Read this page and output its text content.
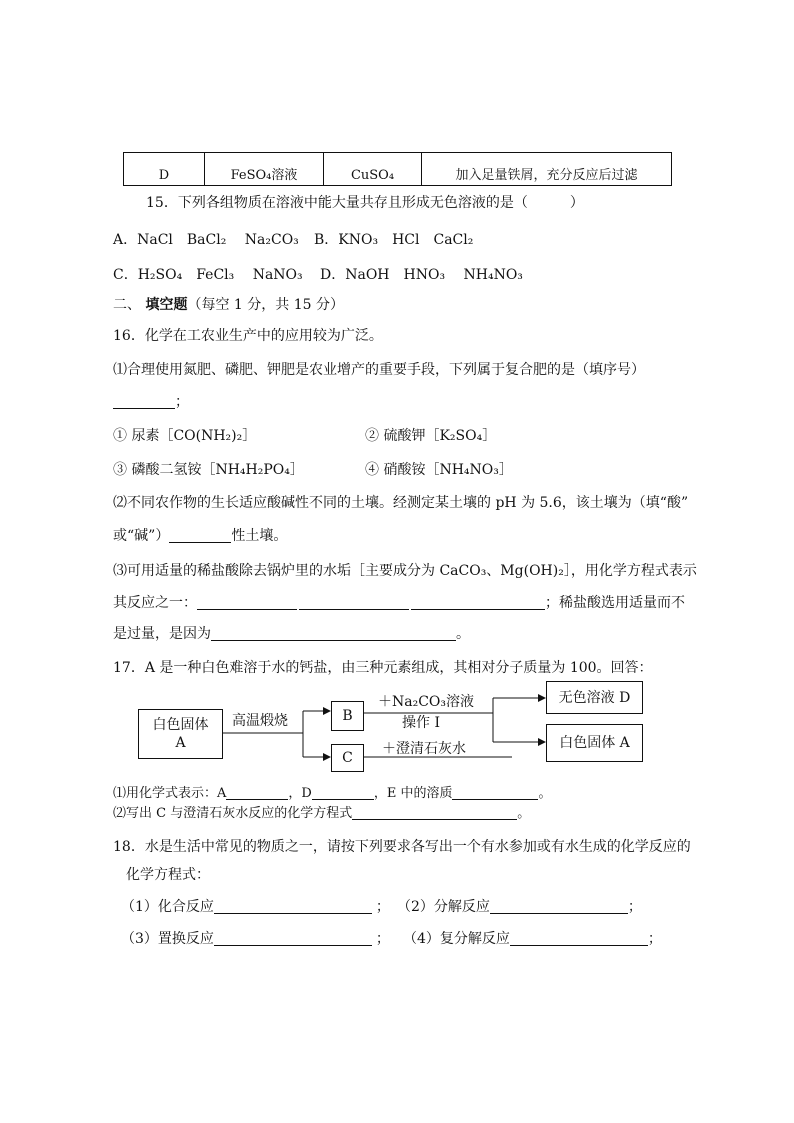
D	FeSO₄溶液	CuSO₄	加入足量铁屑，充分反应后过滤
15．下列各组物质在溶液中能大量共存且形成无色溶液的是（　　　）
A．NaCl　BaCl₂　 Na₂CO₃ B．KNO₃　HCl　CaCl₂
C．H₂SO₄　FeCl₃　 NaNO₃ D．NaOH　HNO₃　 NH₄NO₃
二、 填空题（每空 1 分，共 15 分）
16．化学在工农业生产中的应用较为广泛。
⑴合理使用氮肥、磷肥、钾肥是农业增产的重要手段，下列属于复合肥的是（填序号）
；
① 尿素［CO(NH₂)₂］	② 硫酸钾［K₂SO₄］
③ 磷酸二氢铵［NH₄H₂PO₄］	④ 硝酸铵［NH₄NO₃］
⑵不同农作物的生长适应酸碱性不同的土壤。经测定某土壤的 pH 为 5.6，该土壤为（填“酸”
或“碱”）	性土壤。
⑶可用适量的稀盐酸除去锅炉里的水垢［主要成分为 CaCO₃、Mg(OH)₂］，用化学方程式表示
其反应之一：	；稀盐酸选用适量而不
是过量，是因为	。
17．A 是一种白色难溶于水的钙盐，由三种元素组成，其相对分子质量为 100。回答：
白色固体
A
高温煅烧	B
C
＋Na₂CO₃溶液
操作 I
＋澄清石灰水
无色溶液 D
白色固体 A
⑴用化学式表示：A	，D	，E 中的溶质	。
⑵写出 C 与澄清石灰水反应的化学方程式	。
18．水是生活中常见的物质之一，请按下列要求各写出一个有水参加或有水生成的化学反应的
化学方程式：
（1）化合反应	； （2）分解反应	；
（3）置换反应	； （4）复分解反应	；
